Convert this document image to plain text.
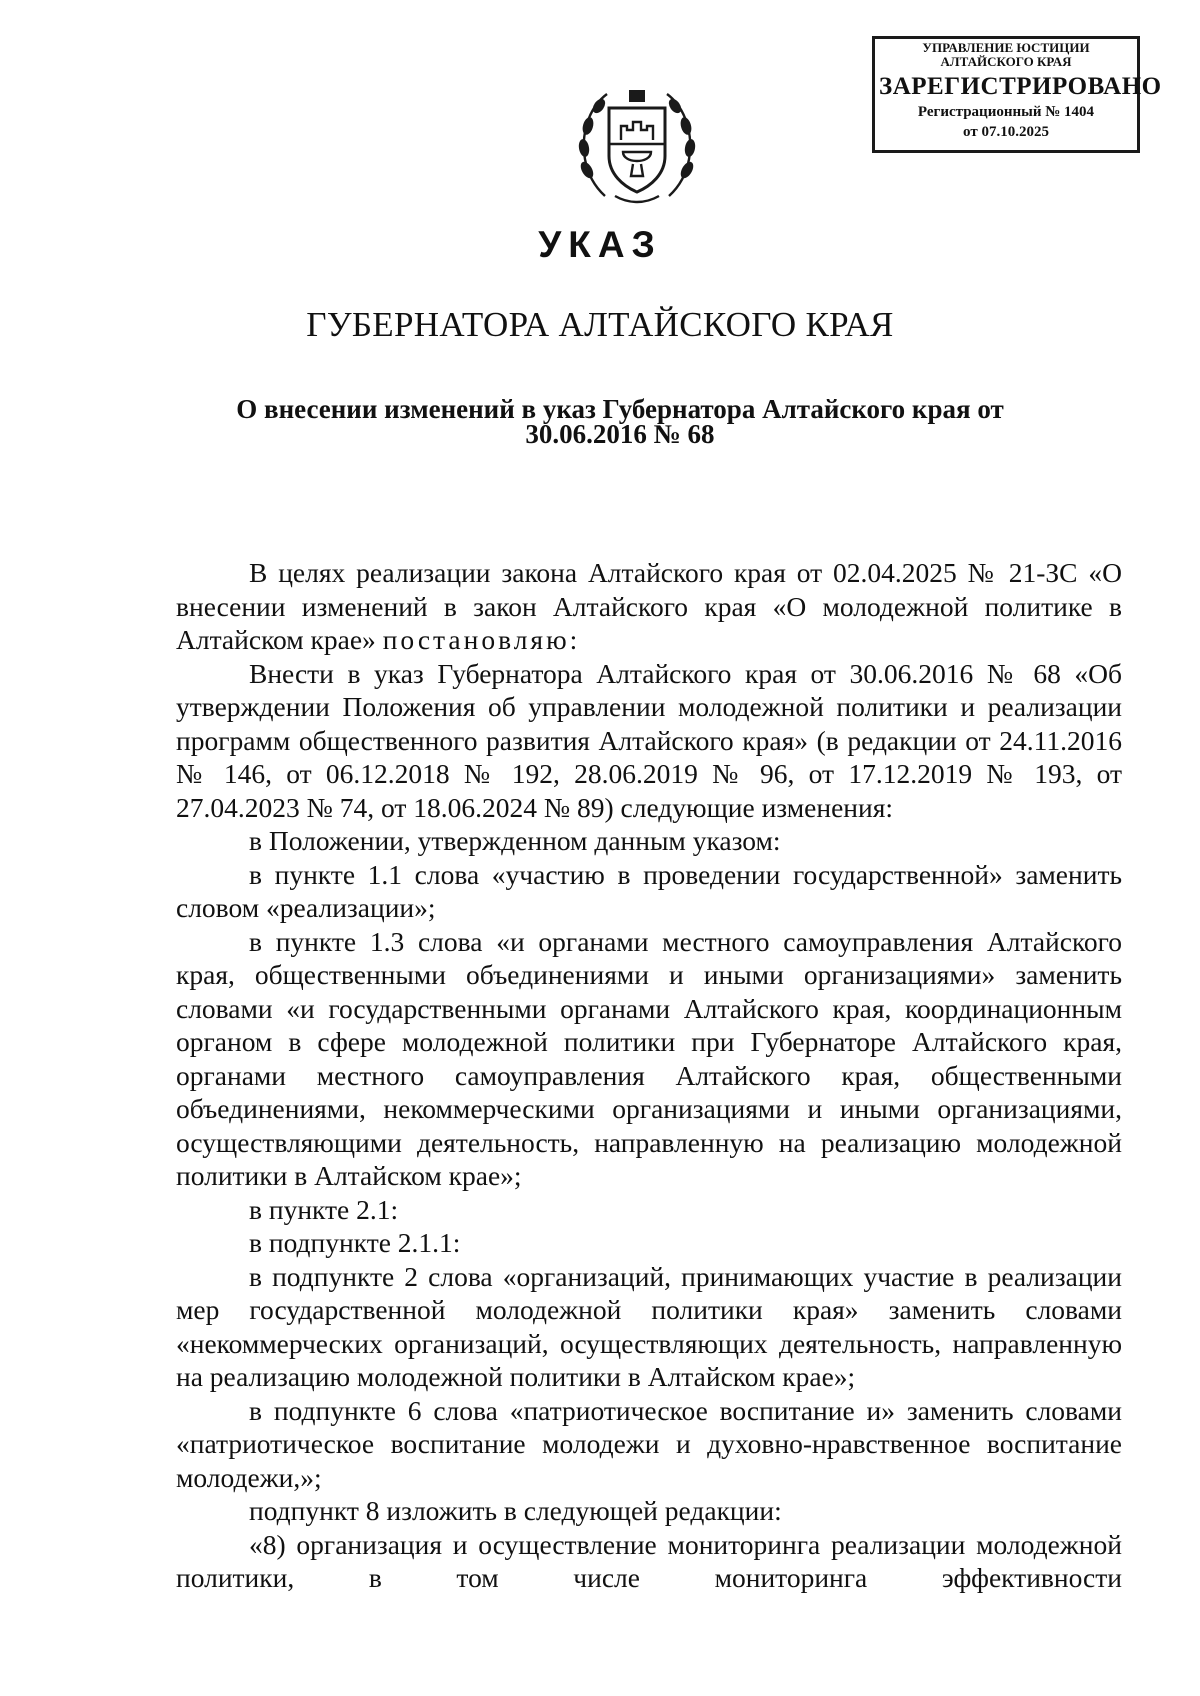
УПРАВЛЕНИЕ ЮСТИЦИИ
АЛТАЙСКОГО КРАЯ
ЗАРЕГИСТРИРОВАНО
Регистрационный № 1404
от 07.10.2025
УКАЗ
ГУБЕРНАТОРА АЛТАЙСКОГО КРАЯ
О внесении изменений в указ Губернатора Алтайского края от
30.06.2016 № 68

В целях реализации закона Алтайского края от 02.04.2025 № 21-ЗС «О внесении изменений в закон Алтайского края «О молодежной политике в Алтайском крае» постановляю:

Внести в указ Губернатора Алтайского края от 30.06.2016 № 68 «Об утверждении Положения об управлении молодежной политики и реализации программ общественного развития Алтайского края» (в редакции от 24.11.2016 № 146, от 06.12.2018 № 192, 28.06.2019 № 96, от 17.12.2019 № 193, от 27.04.2023 № 74, от 18.06.2024 № 89) следующие изменения:

в Положении, утвержденном данным указом:

в пункте 1.1 слова «участию в проведении государственной» заменить словом «реализации»;

в пункте 1.3 слова «и органами местного самоуправления Алтайского края, общественными объединениями и иными организациями» заменить словами «и государственными органами Алтайского края, координационным органом в сфере молодежной политики при Губернаторе Алтайского края, органами местного самоуправления Алтайского края, общественными объединениями, некоммерческими организациями и иными организациями, осуществляющими деятельность, направленную на реализацию молодежной политики в Алтайском крае»;

в пункте 2.1:

в подпункте 2.1.1:

в подпункте 2 слова «организаций, принимающих участие в реализации мер государственной молодежной политики края» заменить словами «некоммерческих организаций, осуществляющих деятельность, направленную на реализацию молодежной политики в Алтайском крае»;

в подпункте 6 слова «патриотическое воспитание и» заменить словами «патриотическое воспитание молодежи и духовно-нравственное воспитание молодежи,»;

подпункт 8 изложить в следующей редакции:

«8) организация и осуществление мониторинга реализации молодежной политики, в том числе мониторинга эффективности
